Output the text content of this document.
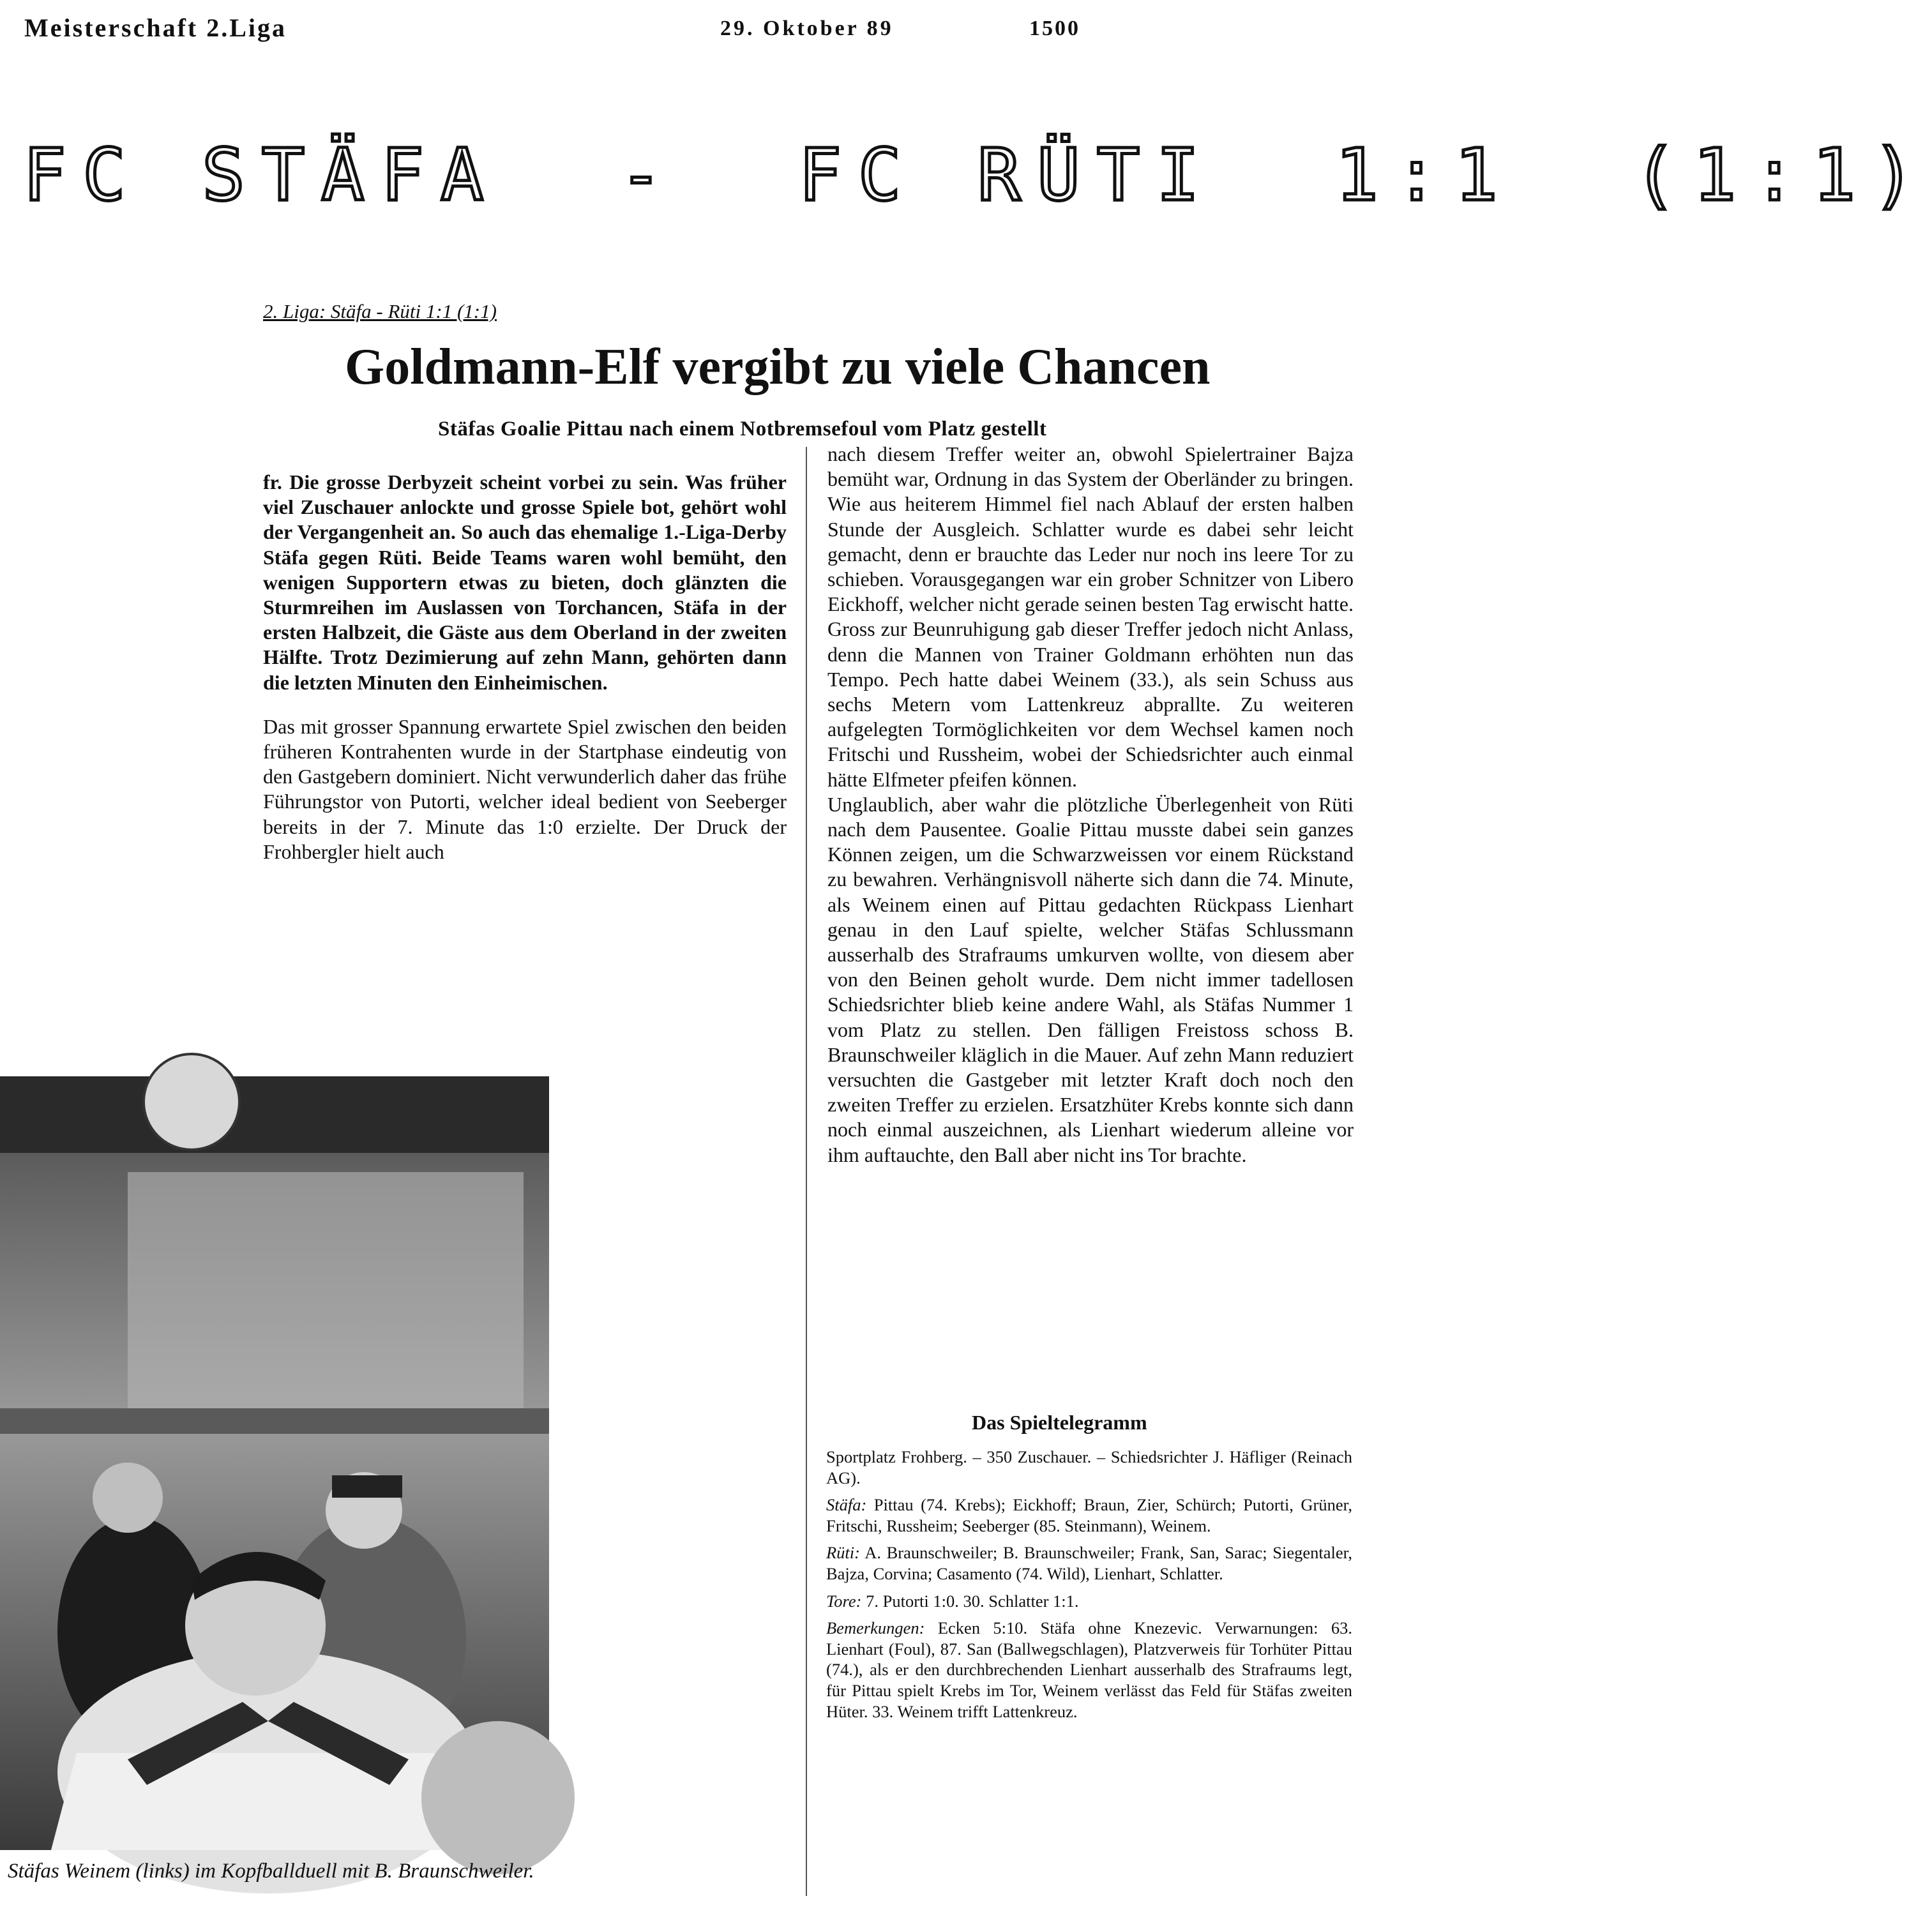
Meisterschaft 2.Liga	29. Oktober 89	1500
FC STÄFA  -  FC RÜTI  1:1  (1:1)
2. Liga: Stäfa - Rüti 1:1 (1:1)
Goldmann-Elf vergibt zu viele Chancen
Stäfas Goalie Pittau nach einem Notbremsefoul vom Platz gestellt

fr. Die grosse Derbyzeit scheint vorbei zu sein. Was früher viel Zuschauer anlockte und grosse Spiele bot, gehört wohl der Vergangenheit an. So auch das ehemalige 1.-Liga-Derby Stäfa gegen Rüti. Beide Teams waren wohl bemüht, den wenigen Supportern etwas zu bieten, doch glänzten die Sturmreihen im Auslassen von Torchancen, Stäfa in der ersten Halbzeit, die Gäste aus dem Oberland in der zweiten Hälfte. Trotz Dezimierung auf zehn Mann, gehörten dann die letzten Minuten den Einheimischen.

Das mit grosser Spannung erwartete Spiel zwischen den beiden früheren Kontrahenten wurde in der Startphase eindeutig von den Gastgebern dominiert. Nicht verwunderlich daher das frühe Führungstor von Putorti, welcher ideal bedient von Seeberger bereits in der 7. Minute das 1:0 erzielte. Der Druck der Frohbergler hielt auch

nach diesem Treffer weiter an, obwohl Spielertrainer Bajza bemüht war, Ordnung in das System der Oberländer zu bringen. Wie aus heiterem Himmel fiel nach Ablauf der ersten halben Stunde der Ausgleich. Schlatter wurde es dabei sehr leicht gemacht, denn er brauchte das Leder nur noch ins leere Tor zu schieben. Vorausgegangen war ein grober Schnitzer von Libero Eickhoff, welcher nicht gerade seinen besten Tag erwischt hatte. Gross zur Beunruhigung gab dieser Treffer jedoch nicht Anlass, denn die Mannen von Trainer Goldmann erhöhten nun das Tempo. Pech hatte dabei Weinem (33.), als sein Schuss aus sechs Metern vom Lattenkreuz abprallte. Zu weiteren aufgelegten Tormöglichkeiten vor dem Wechsel kamen noch Fritschi und Russheim, wobei der Schiedsrichter auch einmal hätte Elfmeter pfeifen können.

Unglaublich, aber wahr die plötzliche Überlegenheit von Rüti nach dem Pausentee. Goalie Pittau musste dabei sein ganzes Können zeigen, um die Schwarzweissen vor einem Rückstand zu bewahren. Verhängnisvoll näherte sich dann die 74. Minute, als Weinem einen auf Pittau gedachten Rückpass Lienhart genau in den Lauf spielte, welcher Stäfas Schlussmann ausserhalb des Strafraums umkurven wollte, von diesem aber von den Beinen geholt wurde. Dem nicht immer tadellosen Schiedsrichter blieb keine andere Wahl, als Stäfas Nummer 1 vom Platz zu stellen. Den fälligen Freistoss schoss B. Braunschweiler kläglich in die Mauer. Auf zehn Mann reduziert versuchten die Gastgeber mit letzter Kraft doch noch den zweiten Treffer zu erzielen. Ersatzhüter Krebs konnte sich dann noch einmal auszeichnen, als Lienhart wiederum alleine vor ihm auftauchte, den Ball aber nicht ins Tor brachte.

Stäfas Weinem (links) im Kopfballduell mit B. Braunschweiler.
Das Spieltelegramm

Sportplatz Frohberg. – 350 Zuschauer. – Schiedsrichter J. Häfliger (Reinach AG).

Stäfa: Pittau (74. Krebs); Eickhoff; Braun, Zier, Schürch; Putorti, Grüner, Fritschi, Russheim; Seeberger (85. Steinmann), Weinem.

Rüti: A. Braunschweiler; B. Braunschweiler; Frank, San, Sarac; Siegentaler, Bajza, Corvina; Casamento (74. Wild), Lienhart, Schlatter.

Tore: 7. Putorti 1:0. 30. Schlatter 1:1.

Bemerkungen: Ecken 5:10. Stäfa ohne Knezevic. Verwarnungen: 63. Lienhart (Foul), 87. San (Ballwegschlagen), Platzverweis für Torhüter Pittau (74.), als er den durchbrechenden Lienhart ausserhalb des Strafraums legt, für Pittau spielt Krebs im Tor, Weinem verlässt das Feld für Stäfas zweiten Hüter. 33. Weinem trifft Lattenkreuz.
